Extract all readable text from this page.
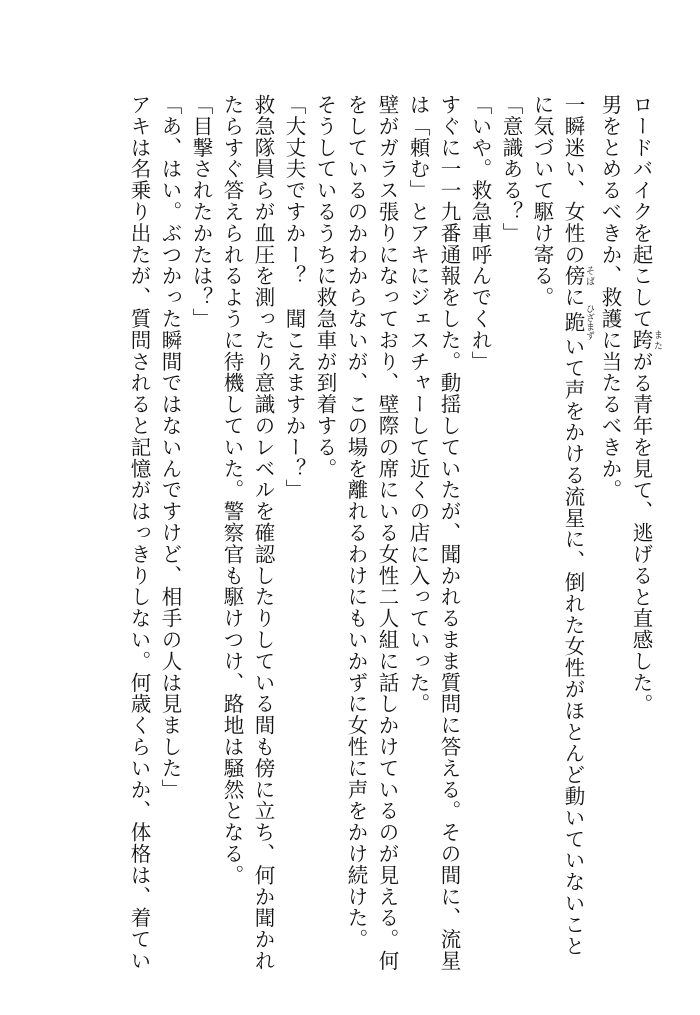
ロードバイクを起こして跨 またがる青年を見て、逃げると直感した。
男をとめるべきか、救護に当たるべきか。
一瞬迷い、女性の傍 そばに跪 ひざまずいて声をかける流星に、倒れた女性がほとんど動いていないこと
に気づいて駆け寄る。
「意識ある？」
「いや。救急車呼んでくれ」
すぐに一一九番通報をした。動揺していたが、聞かれるまま質問に答える。その間に、流星
は「頼む」とアキにジェスチャーして近くの店に入っていった。
壁がガラス張りになっており、壁際の席にいる女性二人組に話しかけているのが見える。何
をしているのかわからないが、この場を離れるわけにもいかずに女性に声をかけ続けた。
そうしているうちに救急車が到着する。
「大丈夫ですかー？　聞こえますかー？」
救急隊員らが血圧を測ったり意識のレベルを確認したりしている間も傍に立ち、何か聞かれ
たらすぐ答えられるように待機していた。警察官も駆けつけ、路地は騒然となる。
「目撃されたかたは？」
「あ、はい。ぶつかった瞬間ではないんですけど、相手の人は見ました」
アキは名乗り出たが、質問されると記憶がはっきりしない。何歳くらいか、体格は、着てい
